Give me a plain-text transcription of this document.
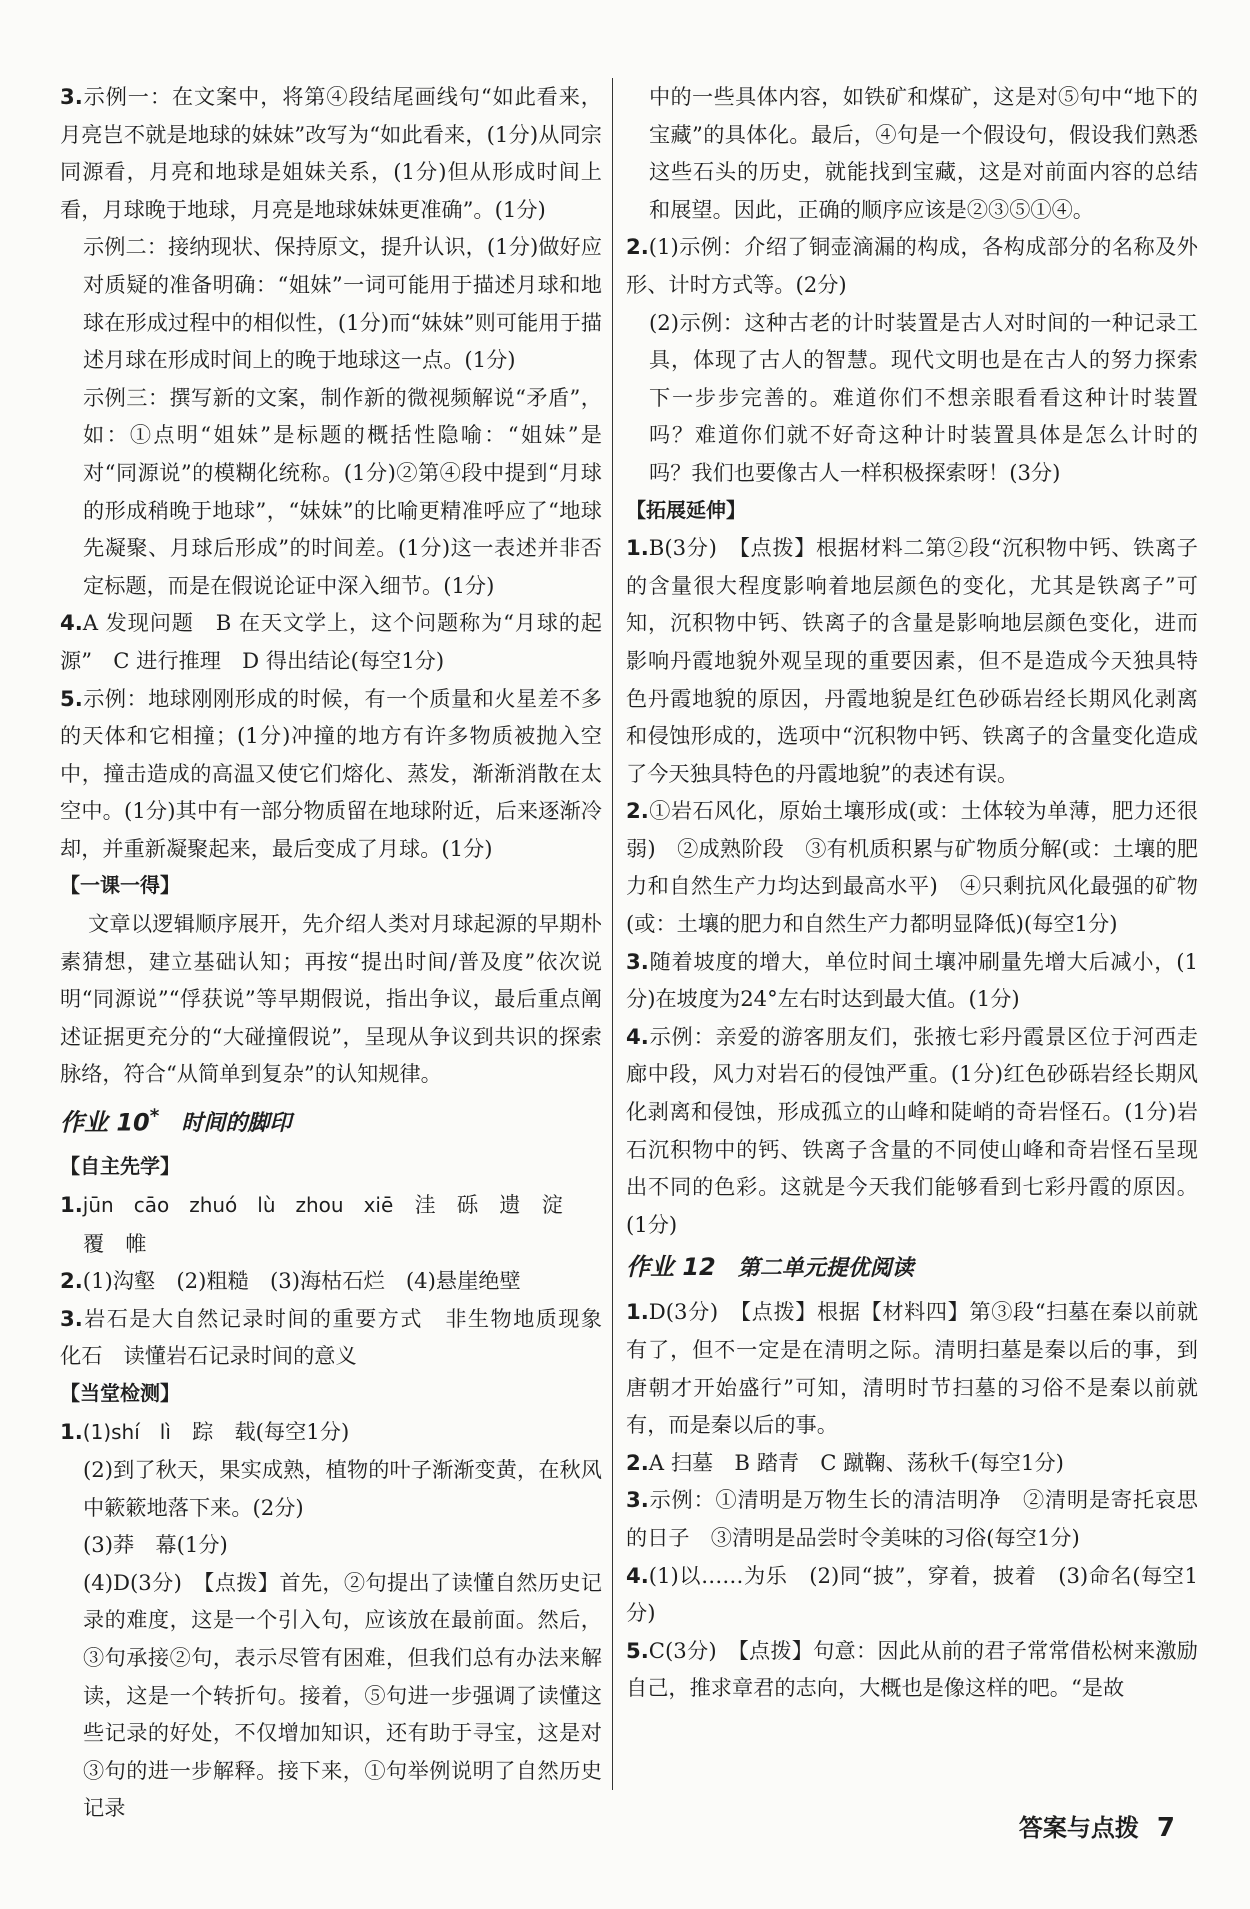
3.示例一：在文案中，将第④段结尾画线句“如此看来，月亮岂不就是地球的妹妹”改写为“如此看来，(1分)从同宗同源看，月亮和地球是姐妹关系，(1分)但从形成时间上看，月球晚于地球，月亮是地球妹妹更准确”。(1分)

示例二：接纳现状、保持原文，提升认识，(1分)做好应对质疑的准备明确：“姐妹”一词可能用于描述月球和地球在形成过程中的相似性，(1分)而“妹妹”则可能用于描述月球在形成时间上的晚于地球这一点。(1分)

示例三：撰写新的文案，制作新的微视频解说“矛盾”，如：①点明“姐妹”是标题的概括性隐喻：“姐妹”是对“同源说”的模糊化统称。(1分)②第④段中提到“月球的形成稍晚于地球”，“妹妹”的比喻更精准呼应了“地球先凝聚、月球后形成”的时间差。(1分)这一表述并非否定标题，而是在假说论证中深入细节。(1分)

4.A 发现问题　B 在天文学上，这个问题称为“月球的起源”　C 进行推理　D 得出结论(每空1分)

5.示例：地球刚刚形成的时候，有一个质量和火星差不多的天体和它相撞；(1分)冲撞的地方有许多物质被抛入空中，撞击造成的高温又使它们熔化、蒸发，渐渐消散在太空中。(1分)其中有一部分物质留在地球附近，后来逐渐冷却，并重新凝聚起来，最后变成了月球。(1分)

【一课一得】

文章以逻辑顺序展开，先介绍人类对月球起源的早期朴素猜想，建立基础认知；再按“提出时间/普及度”依次说明“同源说”“俘获说”等早期假说，指出争议，最后重点阐述证据更充分的“大碰撞假说”，呈现从争议到共识的探索脉络，符合“从简单到复杂”的认知规律。

作业 10* 时间的脚印

【自主先学】

1.jūn　cāo　zhuó　lù　zhou　xiē　 洼　砾　遗　淀

覆　帷

2.(1)沟壑　(2)粗糙　(3)海枯石烂　(4)悬崖绝壁

3.岩石是大自然记录时间的重要方式　非生物地质现象　化石　读懂岩石记录时间的意义

【当堂检测】

1.(1)shí　lì　踪　载(每空1分)

(2)到了秋天，果实成熟，植物的叶子渐渐变黄，在秋风中簌簌地落下来。(2分)

(3)莽　幕(1分)

(4)D(3分)　【点拨】首先，②句提出了读懂自然历史记录的难度，这是一个引入句，应该放在最前面。然后，③句承接②句，表示尽管有困难，但我们总有办法来解读，这是一个转折句。接着，⑤句进一步强调了读懂这些记录的好处，不仅增加知识，还有助于寻宝，这是对③句的进一步解释。接下来，①句举例说明了自然历史记录

中的一些具体内容，如铁矿和煤矿，这是对⑤句中“地下的宝藏”的具体化。最后，④句是一个假设句，假设我们熟悉这些石头的历史，就能找到宝藏，这是对前面内容的总结和展望。因此，正确的顺序应该是②③⑤①④。

2.(1)示例：介绍了铜壶滴漏的构成，各构成部分的名称及外形、计时方式等。(2分)

(2)示例：这种古老的计时装置是古人对时间的一种记录工具，体现了古人的智慧。现代文明也是在古人的努力探索下一步步完善的。难道你们不想亲眼看看这种计时装置吗？难道你们就不好奇这种计时装置具体是怎么计时的吗？我们也要像古人一样积极探索呀！(3分)

【拓展延伸】

1.B(3分)　【点拨】根据材料二第②段“沉积物中钙、铁离子的含量很大程度影响着地层颜色的变化，尤其是铁离子”可知，沉积物中钙、铁离子的含量是影响地层颜色变化，进而影响丹霞地貌外观呈现的重要因素，但不是造成今天独具特色丹霞地貌的原因，丹霞地貌是红色砂砾岩经长期风化剥离和侵蚀形成的，选项中“沉积物中钙、铁离子的含量变化造成了今天独具特色的丹霞地貌”的表述有误。

2.①岩石风化，原始土壤形成(或：土体较为单薄，肥力还很弱)　②成熟阶段　③有机质积累与矿物质分解(或：土壤的肥力和自然生产力均达到最高水平)　④只剩抗风化最强的矿物(或：土壤的肥力和自然生产力都明显降低)(每空1分)

3.随着坡度的增大，单位时间土壤冲刷量先增大后减小，(1分)在坡度为24°左右时达到最大值。(1分)

4.示例：亲爱的游客朋友们，张掖七彩丹霞景区位于河西走廊中段，风力对岩石的侵蚀严重。(1分)红色砂砾岩经长期风化剥离和侵蚀，形成孤立的山峰和陡峭的奇岩怪石。(1分)岩石沉积物中的钙、铁离子含量的不同使山峰和奇岩怪石呈现出不同的色彩。这就是今天我们能够看到七彩丹霞的原因。(1分)

作业 12 第二单元提优阅读

1.D(3分)　【点拨】根据【材料四】第③段“扫墓在秦以前就有了，但不一定是在清明之际。清明扫墓是秦以后的事，到唐朝才开始盛行”可知，清明时节扫墓的习俗不是秦以前就有，而是秦以后的事。

2.A 扫墓　B 踏青　C 蹴鞠、荡秋千(每空1分)

3.示例：①清明是万物生长的清洁明净　②清明是寄托哀思的日子　③清明是品尝时令美味的习俗(每空1分)

4.(1)以……为乐　(2)同“披”，穿着，披着　(3)命名(每空1分)

5.C(3分)　【点拨】句意：因此从前的君子常常借松树来激励自己，推求章君的志向，大概也是像这样的吧。“是故

答案与点拨 7
